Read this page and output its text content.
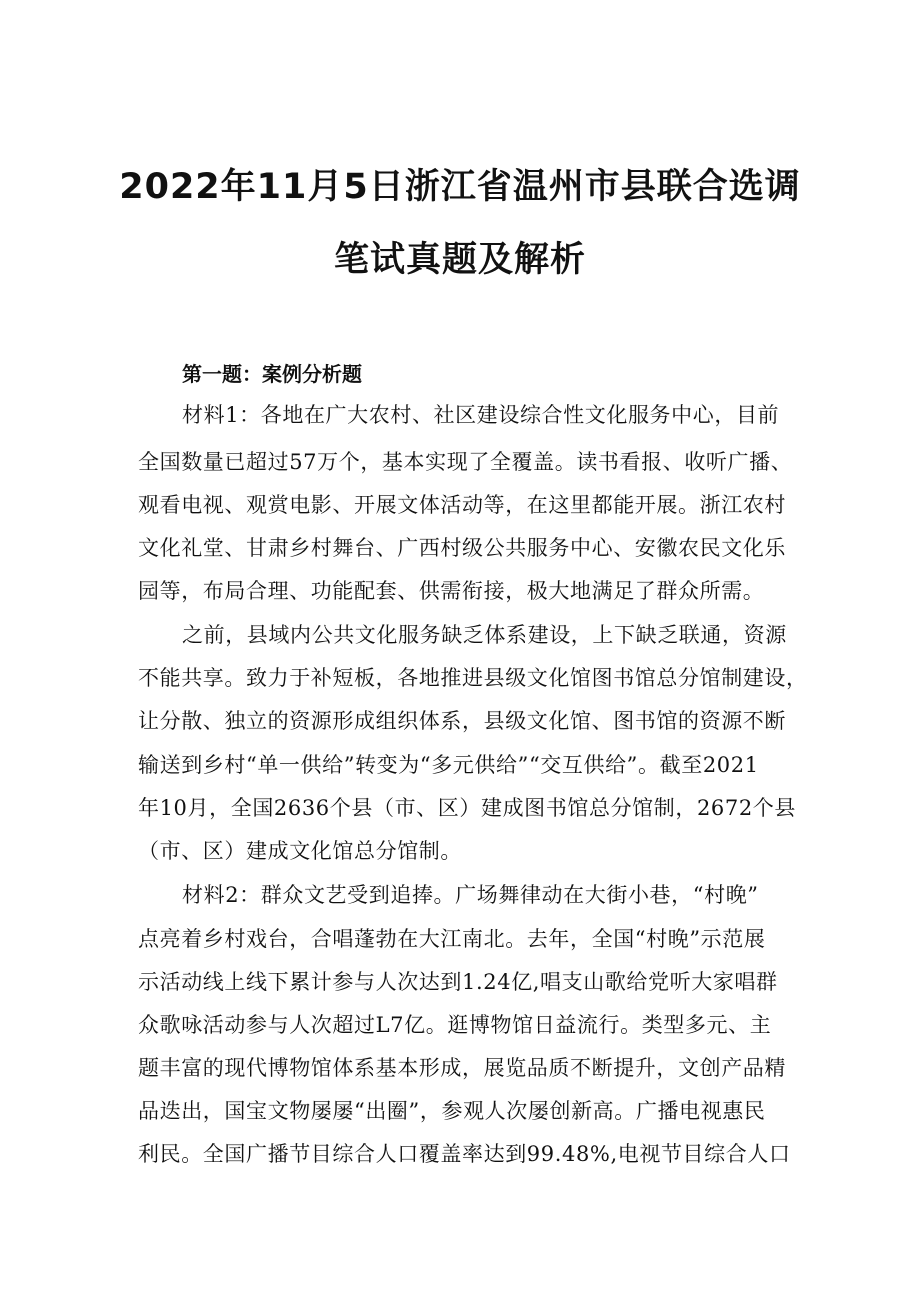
2022年11月5日浙江省温州市县联合选调
笔试真题及解析
第一题：案例分析题
材料1：各地在广大农村、社区建设综合性文化服务中心，目前
全国数量已超过57万个，基本实现了全覆盖。读书看报、收听广播、
观看电视、观赏电影、开展文体活动等，在这里都能开展。浙江农村
文化礼堂、甘肃乡村舞台、广西村级公共服务中心、安徽农民文化乐
园等，布局合理、功能配套、供需衔接，极大地满足了群众所需。
之前，县域内公共文化服务缺乏体系建设，上下缺乏联通，资源
不能共享。致力于补短板，各地推进县级文化馆图书馆总分馆制建设，
让分散、独立的资源形成组织体系，县级文化馆、图书馆的资源不断
输送到乡村“单一供给”转变为“多元供给”“交互供给”。截至2021
年10月，全国2636个县（市、区）建成图书馆总分馆制，2672个县
（市、区）建成文化馆总分馆制。
材料2：群众文艺受到追捧。广场舞律动在大街小巷，“村晚”
点亮着乡村戏台，合唱蓬勃在大江南北。去年，全国“村晚”示范展
示活动线上线下累计参与人次达到1.24亿,唱支山歌给党听大家唱群
众歌咏活动参与人次超过L7亿。逛博物馆日益流行。类型多元、主
题丰富的现代博物馆体系基本形成，展览品质不断提升，文创产品精
品迭出，国宝文物屡屡“出圈”，参观人次屡创新高。广播电视惠民
利民。全国广播节目综合人口覆盖率达到99.48%,电视节目综合人口
